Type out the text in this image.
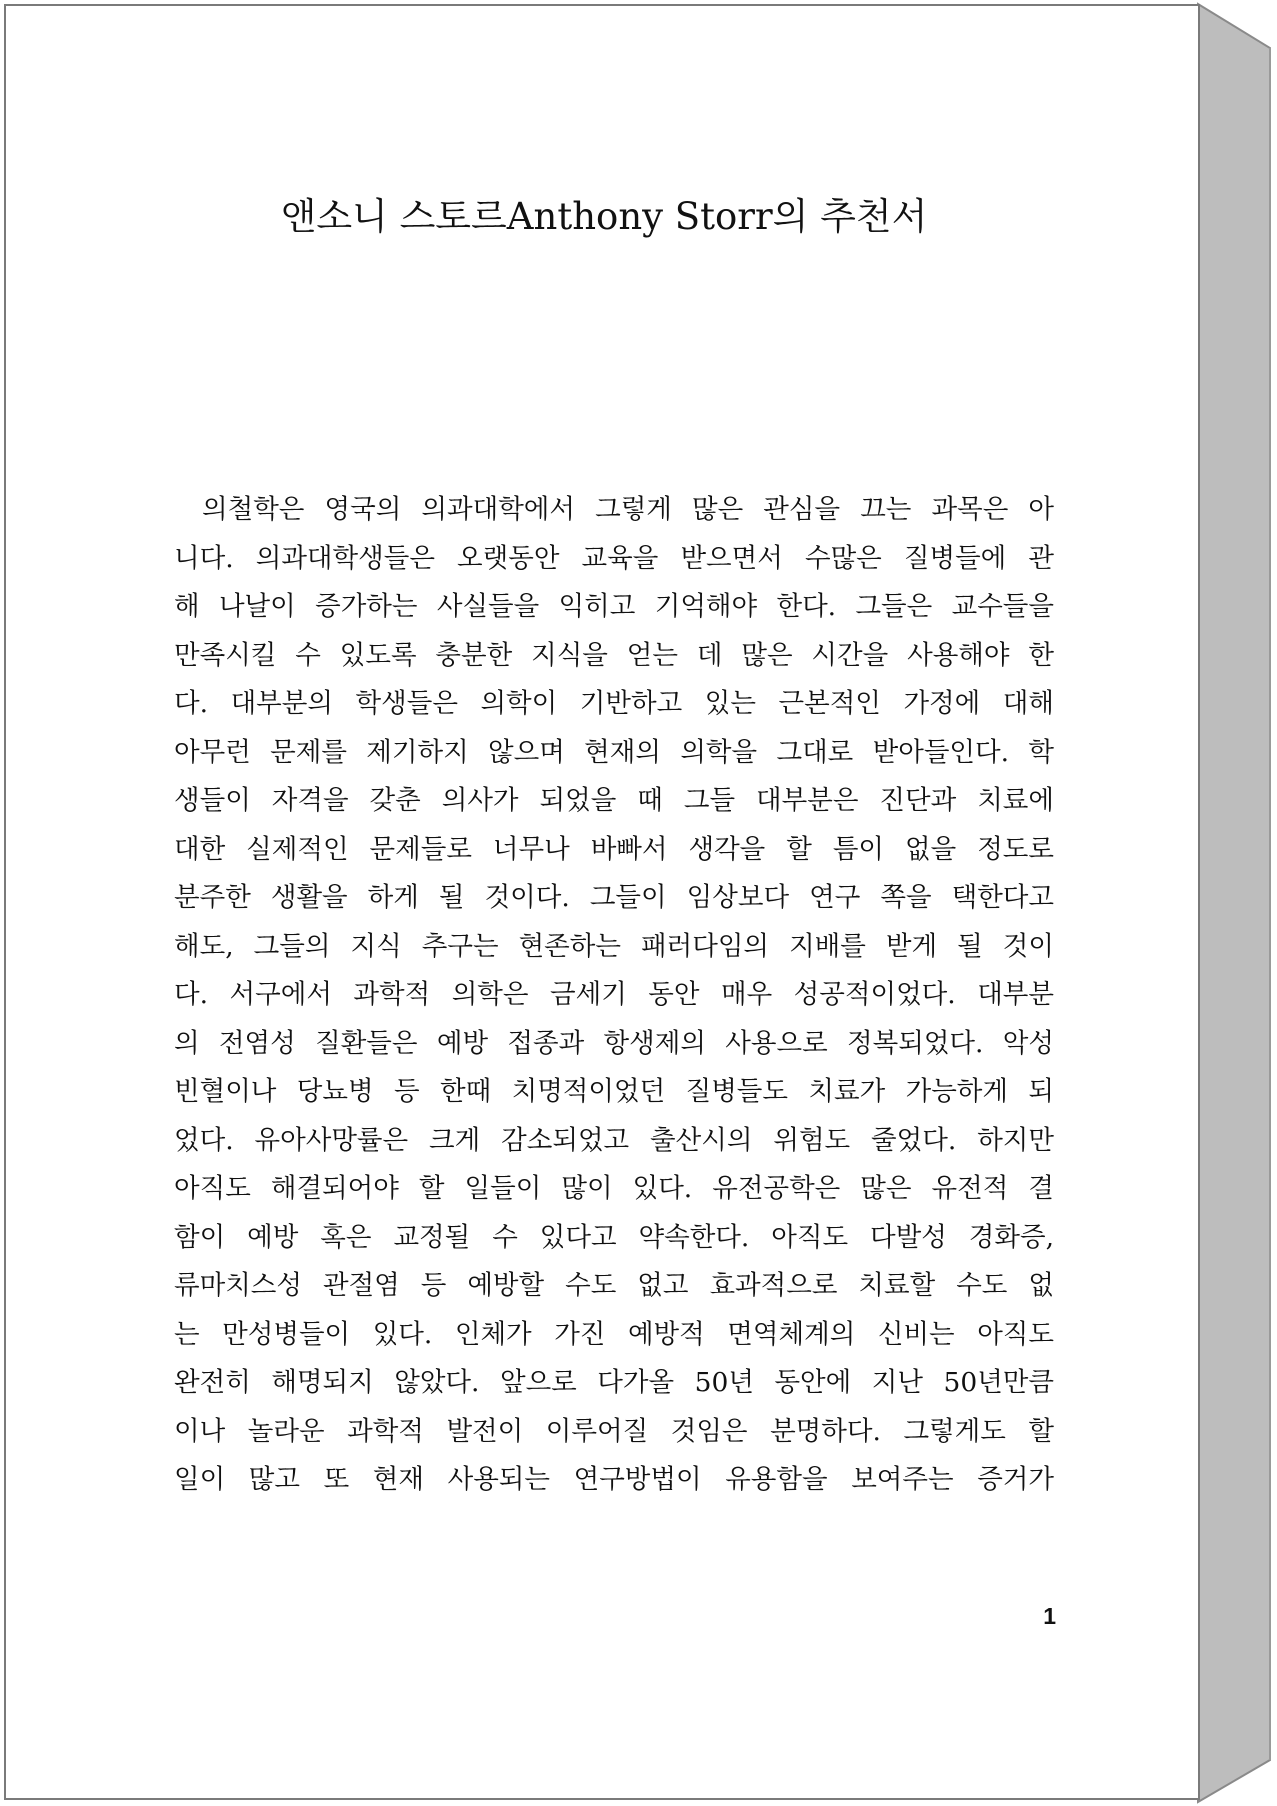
앤소니 스토르Anthony Storr의 추천서
의철학은 영국의 의과대학에서 그렇게 많은 관심을 끄는 과목은 아
니다. 의과대학생들은 오랫동안 교육을 받으면서 수많은 질병들에 관
해 나날이 증가하는 사실들을 익히고 기억해야 한다. 그들은 교수들을
만족시킬 수 있도록 충분한 지식을 얻는 데 많은 시간을 사용해야 한
다. 대부분의 학생들은 의학이 기반하고 있는 근본적인 가정에 대해
아무런 문제를 제기하지 않으며 현재의 의학을 그대로 받아들인다. 학
생들이 자격을 갖춘 의사가 되었을 때 그들 대부분은 진단과 치료에
대한 실제적인 문제들로 너무나 바빠서 생각을 할 틈이 없을 정도로
분주한 생활을 하게 될 것이다. 그들이 임상보다 연구 쪽을 택한다고
해도, 그들의 지식 추구는 현존하는 패러다임의 지배를 받게 될 것이
다. 서구에서 과학적 의학은 금세기 동안 매우 성공적이었다. 대부분
의 전염성 질환들은 예방 접종과 항생제의 사용으로 정복되었다. 악성
빈혈이나 당뇨병 등 한때 치명적이었던 질병들도 치료가 가능하게 되
었다. 유아사망률은 크게 감소되었고 출산시의 위험도 줄었다. 하지만
아직도 해결되어야 할 일들이 많이 있다. 유전공학은 많은 유전적 결
함이 예방 혹은 교정될 수 있다고 약속한다. 아직도 다발성 경화증,
류마치스성 관절염 등 예방할 수도 없고 효과적으로 치료할 수도 없
는 만성병들이 있다. 인체가 가진 예방적 면역체계의 신비는 아직도
완전히 해명되지 않았다. 앞으로 다가올 50년 동안에 지난 50년만큼
이나 놀라운 과학적 발전이 이루어질 것임은 분명하다. 그렇게도 할
일이 많고 또 현재 사용되는 연구방법이 유용함을 보여주는 증거가
1
